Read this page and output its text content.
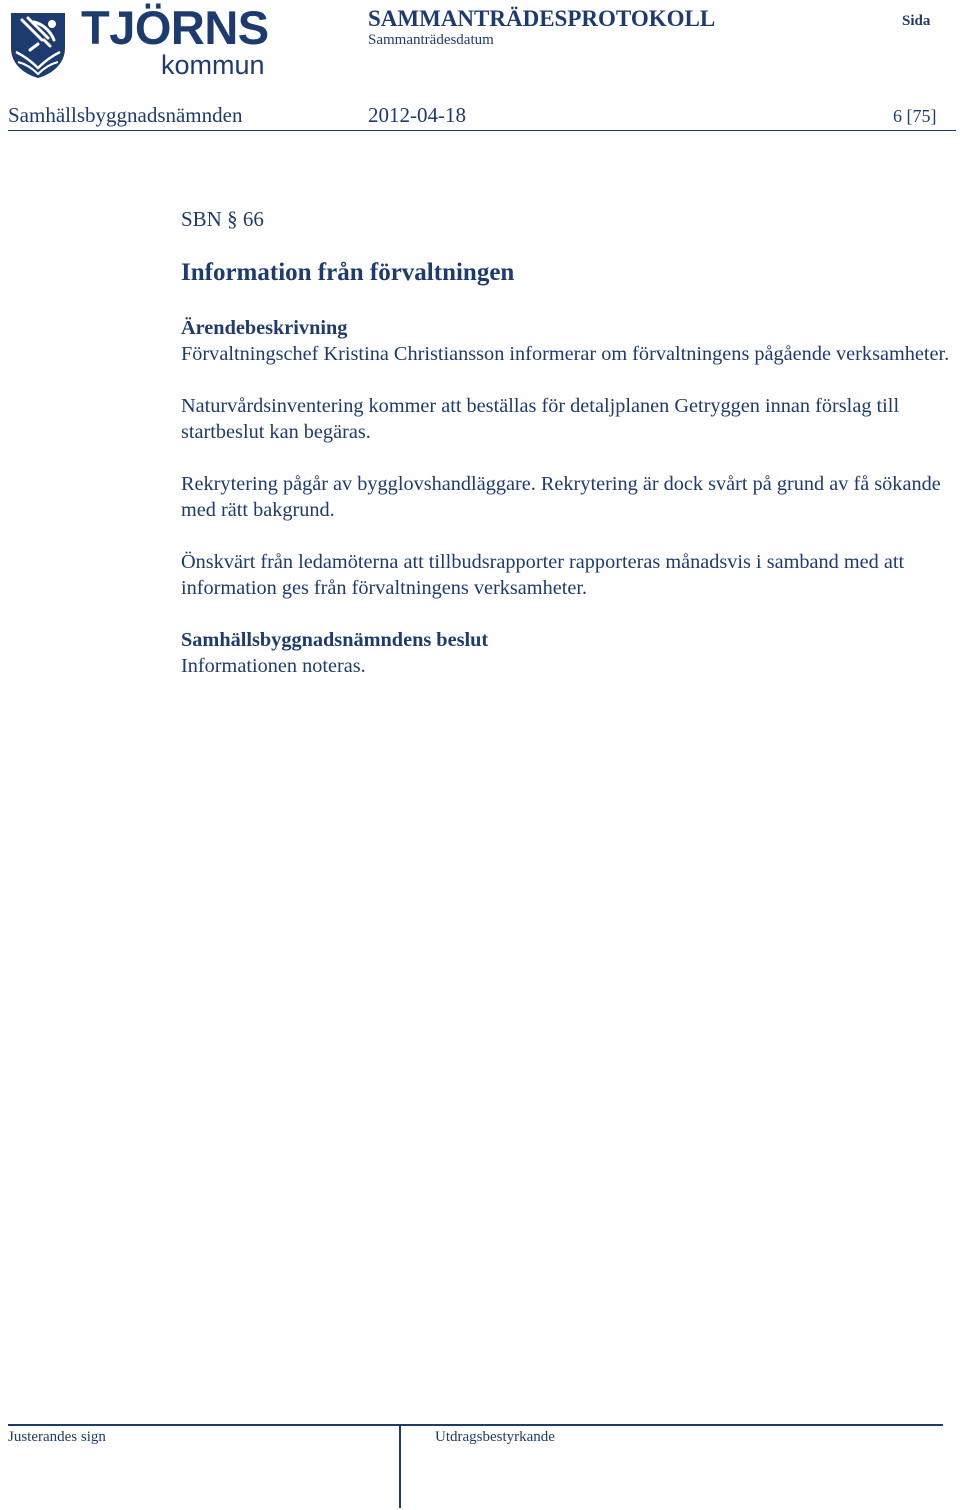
TJÖRNS
kommun
SAMMANTRÄDESPROTOKOLL
Sammanträdesdatum
Sida
Samhällsbyggnadsnämnden	2012-04-18	6 [75]
SBN § 66
Information från förvaltningen

Ärendebeskrivning

Förvaltningschef Kristina Christiansson informerar om förvaltningens pågående verksamheter.

Naturvårdsinventering kommer att beställas för detaljplanen Getryggen innan förslag till startbeslut kan begäras.

Rekrytering pågår av bygglovshandläggare. Rekrytering är dock svårt på grund av få sökande med rätt bakgrund.

Önskvärt från ledamöterna att tillbudsrapporter rapporteras månadsvis i samband med att information ges från förvaltningens verksamheter.

Samhällsbyggnadsnämndens beslut

Informationen noteras.

Justerandes sign	Utdragsbestyrkande
